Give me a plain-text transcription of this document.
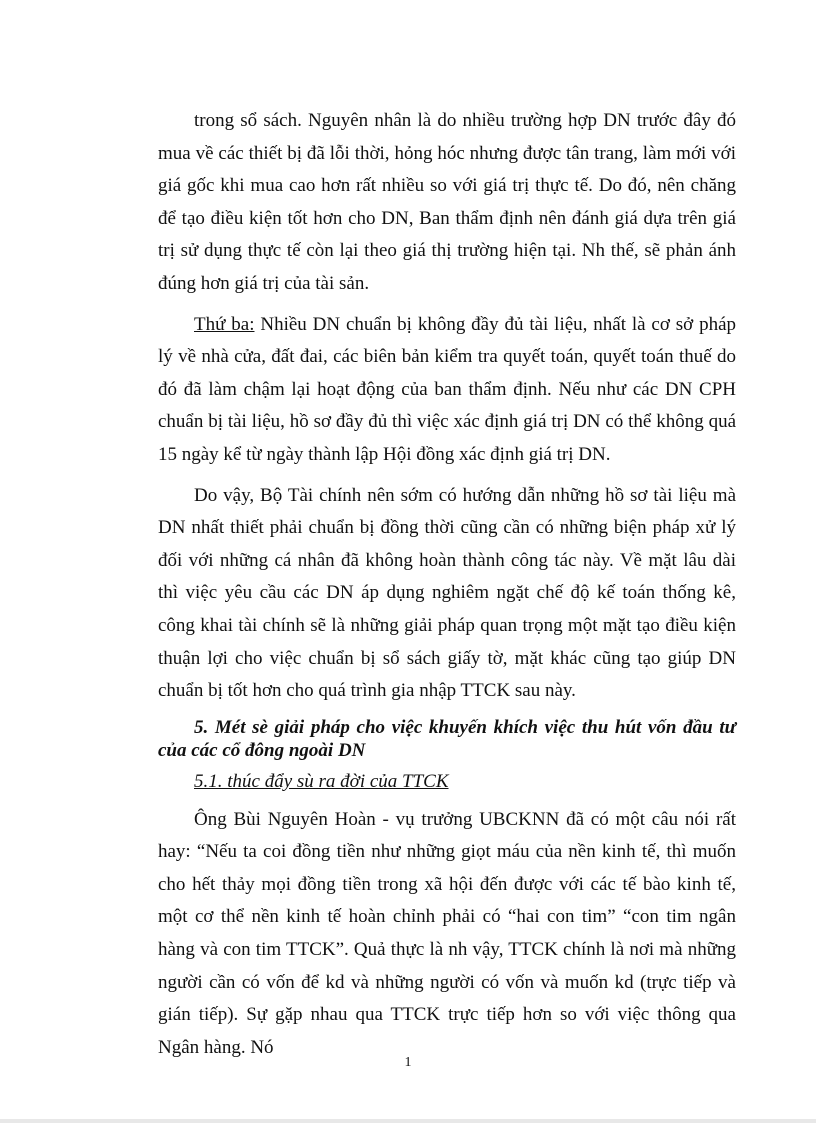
trong sổ sách. Nguyên nhân là do nhiều trường hợp DN trước đây đó mua về các thiết bị đã lỗi thời, hỏng hóc nhưng được tân trang, làm mới với giá gốc khi mua cao hơn rất nhiều so với giá trị thực tế. Do đó, nên chăng để tạo điều kiện tốt hơn cho DN, Ban thẩm định nên đánh giá dựa trên giá trị sử dụng thực tế còn lại theo giá thị trường hiện tại. Nh thế, sẽ phản ánh đúng hơn giá trị của tài sản.

Thứ ba: Nhiều DN chuẩn bị không đầy đủ tài liệu, nhất là cơ sở pháp lý về nhà cửa, đất đai, các biên bản kiểm tra quyết toán, quyết toán thuế do đó đã làm chậm lại hoạt động của ban thẩm định. Nếu như các DN CPH chuẩn bị tài liệu, hồ sơ đầy đủ thì việc xác định giá trị DN có thể không quá 15 ngày kể từ ngày thành lập Hội đồng xác định giá trị DN.

Do vậy, Bộ Tài chính nên sớm có hướng dẫn những hồ sơ tài liệu mà DN nhất thiết phải chuẩn bị đồng thời cũng cần có những biện pháp xử lý đối với những cá nhân đã không hoàn thành công tác này. Về mặt lâu dài thì việc yêu cầu các DN áp dụng nghiêm ngặt chế độ kế toán thống kê, công khai tài chính sẽ là những giải pháp quan trọng một mặt tạo điều kiện thuận lợi cho việc chuẩn bị sổ sách giấy tờ, mặt khác cũng tạo giúp DN chuẩn bị tốt hơn cho quá trình gia nhập TTCK sau này.

5. Mét sè giải pháp cho việc khuyến khích việc thu hút vốn đầu tư của các cổ đông ngoài DN
5.1. thúc đẩy sù ra đời của TTCK

Ông Bùi Nguyên Hoàn - vụ trưởng UBCKNN đã có một câu nói rất hay: “Nếu ta coi đồng tiền như những giọt máu của nền kinh tế, thì muốn cho hết thảy mọi đồng tiền trong xã hội đến được với các tế bào kinh tế, một cơ thể nền kinh tế hoàn chỉnh phải có “hai con tim” “con tim ngân hàng và con tim TTCK”. Quả thực là nh vậy, TTCK chính là nơi mà những người cần có vốn để kd và những người có vốn và muốn kd (trực tiếp và gián tiếp). Sự gặp nhau qua TTCK trực tiếp hơn so với việc thông qua Ngân hàng. Nó

1
